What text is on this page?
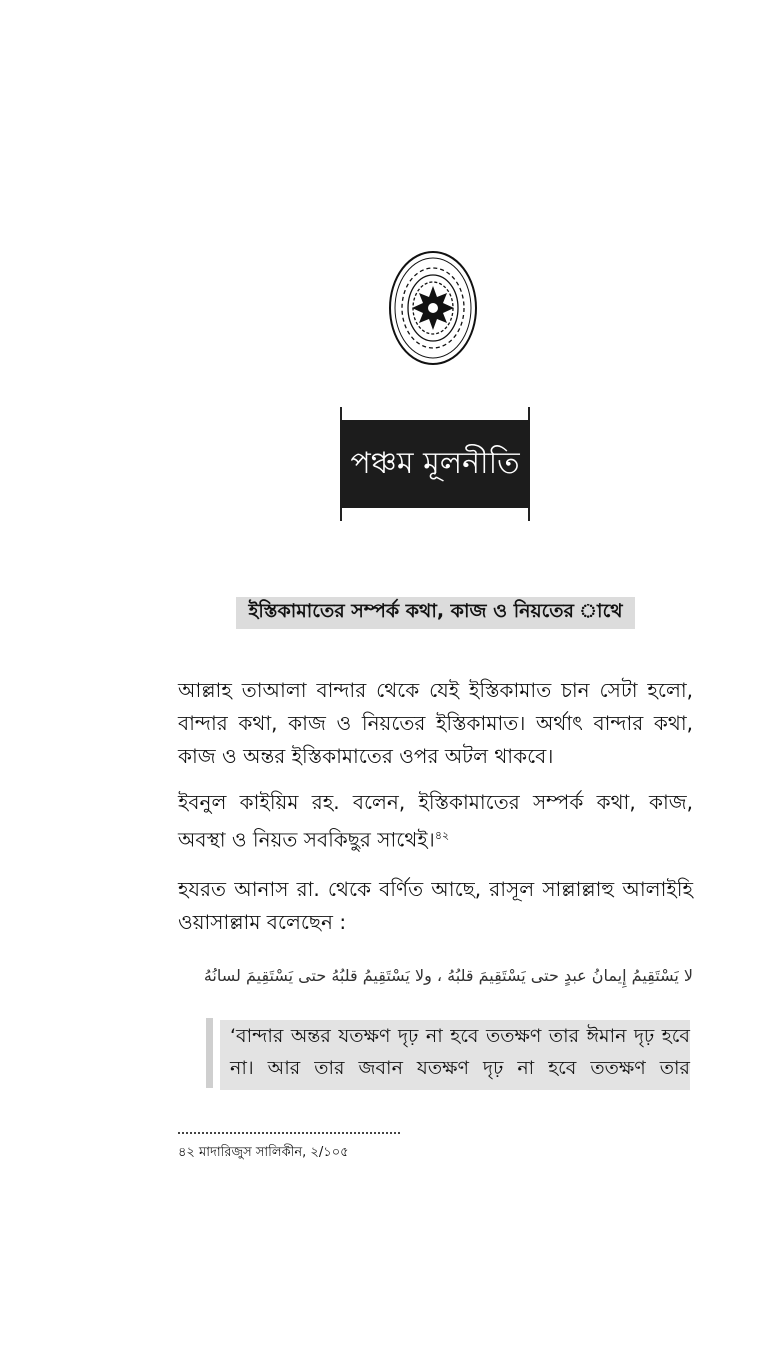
পঞ্চম মূলনীতি
ইস্তিকামাতের সম্পর্ক কথা, কাজ ও নিয়তের াথে
আল্লাহ তাআলা বান্দার থেকে যেই ইস্তিকামাত চান সেটা হলো, বান্দার কথা, কাজ ও নিয়তের ইস্তিকামাত। অর্থাৎ বান্দার কথা, কাজ ও অন্তর ইস্তিকামাতের ওপর অটল থাকবে।
ইবনুল কাইয়িম রহ. বলেন, ইস্তিকামাতের সম্পর্ক কথা, কাজ, অবস্থা ও নিয়ত সবকিছুর সাথেই।$^{৪২}$
হযরত আনাস রা. থেকে বর্ণিত আছে, রাসূল সাল্লাল্লাহু আলাইহি ওয়াসাল্লাম বলেছেন :
لا يَسْتَقِيمُ إِيمانُ عبدٍ حتى يَسْتَقِيمَ قلبُهُ ، ولا يَسْتَقِيمُ قلبُهُ حتى يَسْتَقِيمَ لسانُهُ
‘বান্দার অন্তর যতক্ষণ দৃঢ় না হবে ততক্ষণ তার ঈমান দৃঢ় হবে না। আর তার জবান যতক্ষণ দৃঢ় না হবে ততক্ষণ তার
৪২ মাদারিজুস সালিকীন, ২/১০৫
